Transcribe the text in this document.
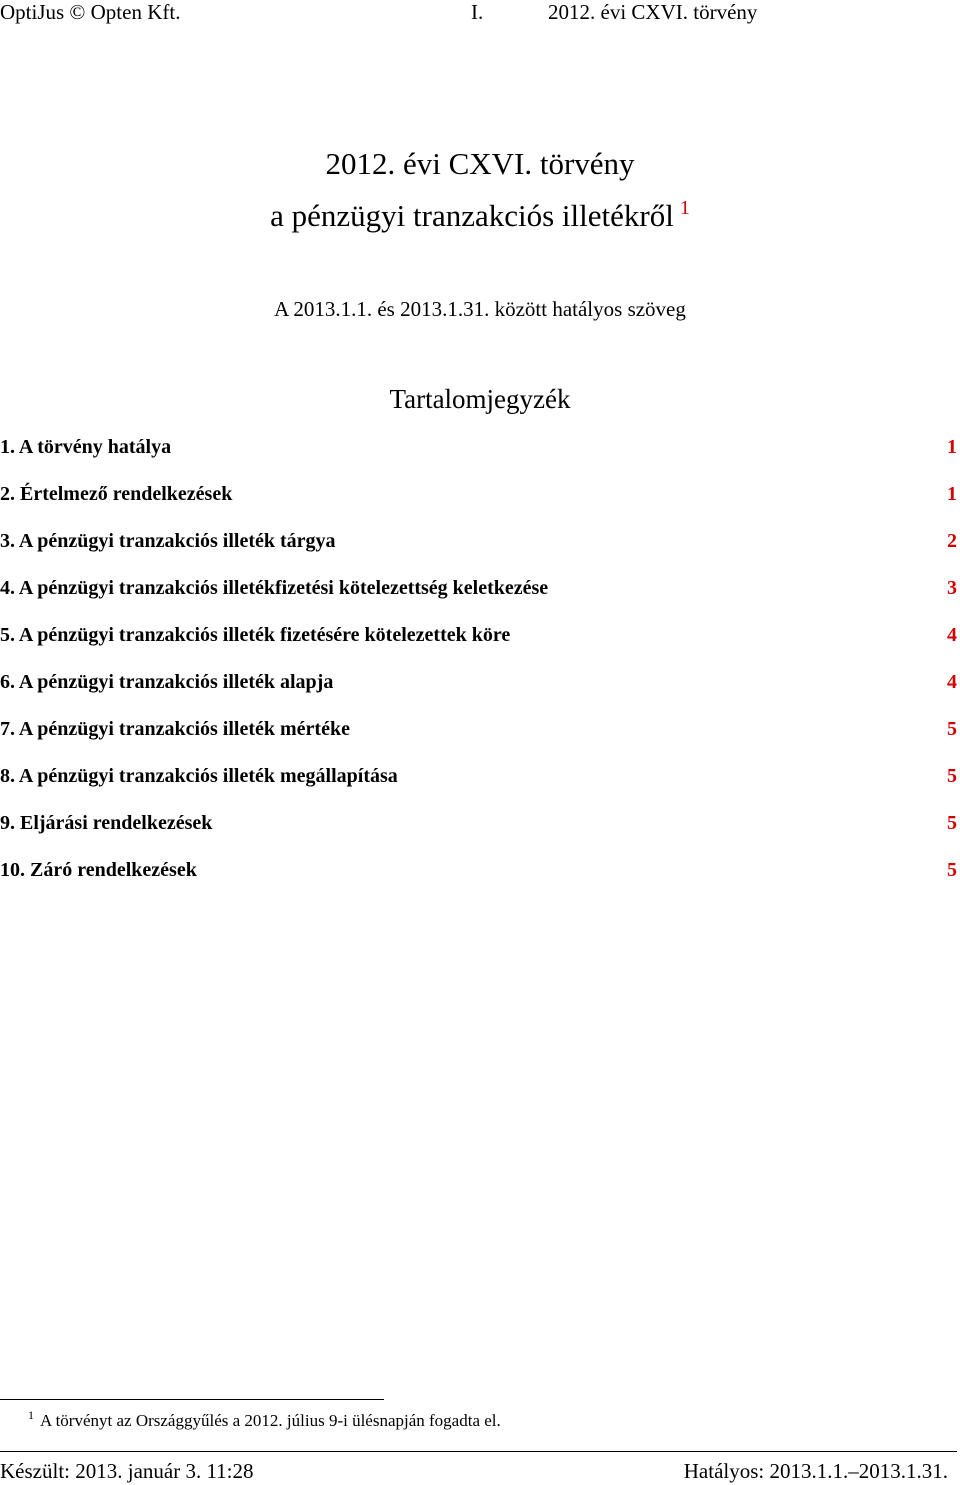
OptiJus © Opten Kft.	I.	2012. évi CXVI. törvény
2012. évi CXVI. törvény
a pénzügyi tranzakciós illetékről $^1$
A 2013.1.1. és 2013.1.31. között hatályos szöveg
Tartalomjegyzék
1. A törvény hatálya	1
2. Értelmező rendelkezések	1
3. A pénzügyi tranzakciós illeték tárgya	2
4. A pénzügyi tranzakciós illetékfizetési kötelezettség keletkezése	3
5. A pénzügyi tranzakciós illeték fizetésére kötelezettek köre	4
6. A pénzügyi tranzakciós illeték alapja	4
7. A pénzügyi tranzakciós illeték mértéke	5
8. A pénzügyi tranzakciós illeték megállapítása	5
9. Eljárási rendelkezések	5
10. Záró rendelkezések	5
$^1$ A törvényt az Országgyűlés a 2012. július 9-i ülésnapján fogadta el.
Készült: 2013. január 3. 11:28	Hatályos: 2013.1.1.–2013.1.31.
